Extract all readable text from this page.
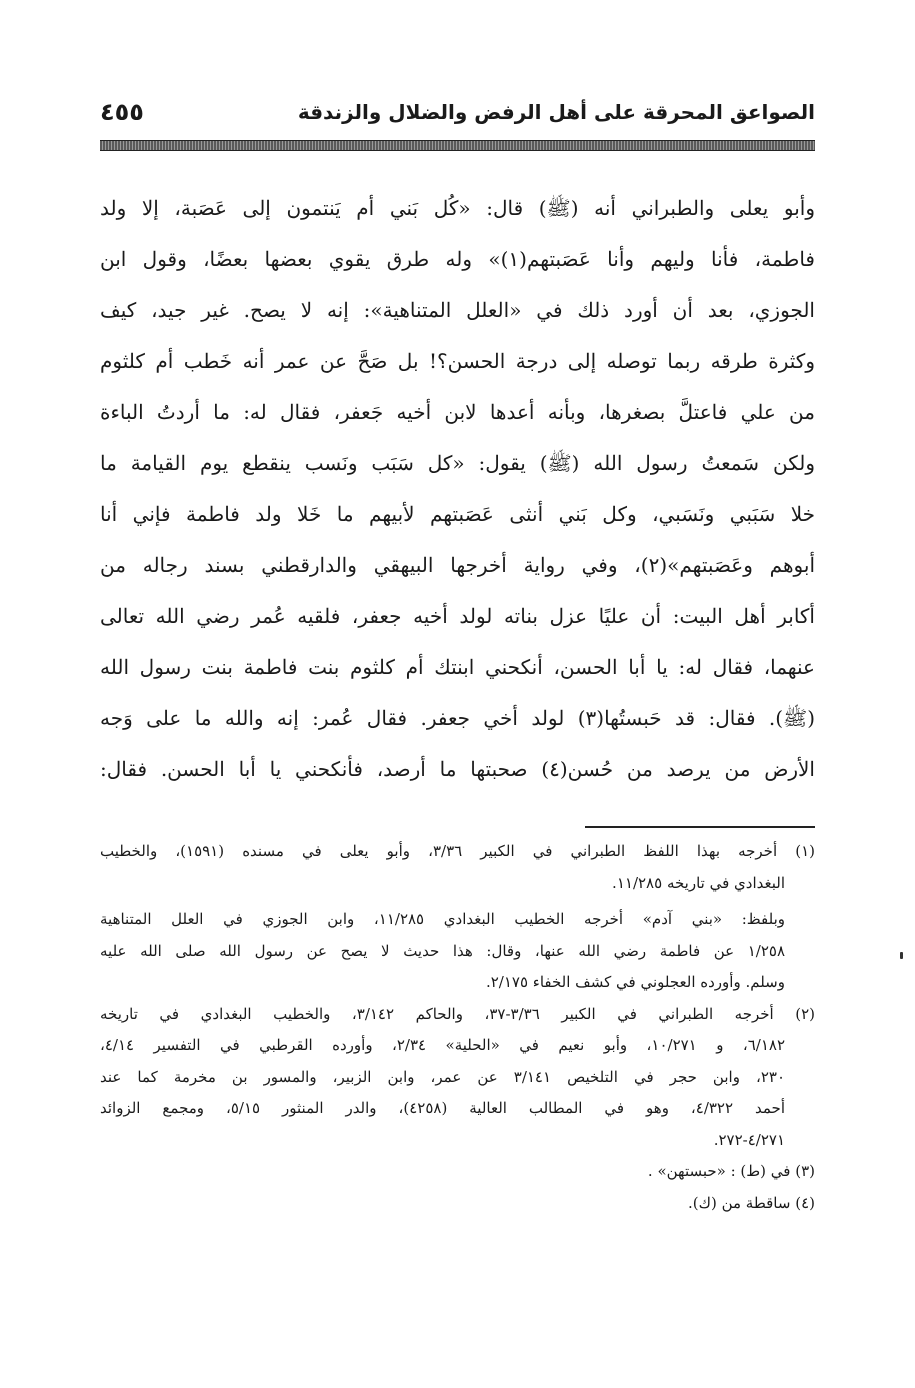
الصواعق المحرقة على أهل الرفض والضلال والزندقة
٤٥٥
وأبو يعلى والطبراني أنه (ﷺ) قال: «كُل بَني أم يَنتمون إلى عَصَبة، إلا ولد
فاطمة، فأنا وليهم وأنا عَصَبتهم(١)» وله طرق يقوي بعضها بعضًا، وقول ابن
الجوزي، بعد أن أورد ذلك في «العلل المتناهية»: إنه لا يصح. غير جيد، كيف
وكثرة طرقه ربما توصله إلى درجة الحسن؟! بل صَحَّ عن عمر أنه خَطب أم كلثوم
من علي فاعتلَّ بصغرها، وبأنه أعدها لابن أخيه جَعفر، فقال له: ما أردتُ الباءة
ولكن سَمعتُ رسول الله (ﷺ) يقول: «كل سَبَب ونَسب ينقطع يوم القيامة ما
خلا سَبَبي ونَسَبي، وكل بَني أنثى عَصَبتهم لأبيهم ما خَلا ولد فاطمة فإني أنا
أبوهم وعَصَبتهم»(٢)، وفي رواية أخرجها البيهقي والدارقطني بسند رجاله من
أكابر أهل البيت: أن عليًا عزل بناته لولد أخيه جعفر، فلقيه عُمر رضي الله تعالى
عنهما، فقال له: يا أبا الحسن، أنكحني ابنتك أم كلثوم بنت فاطمة بنت رسول الله
(ﷺ). فقال: قد حَبستُها(٣) لولد أخي جعفر. فقال عُمر: إنه والله ما على وَجه
الأرض من يرصد من حُسن(٤) صحبتها ما أرصد، فأنكحني يا أبا الحسن. فقال:
(١) أخرجه بهذا اللفظ الطبراني في الكبير ٣/٣٦، وأبو يعلى في مسنده (١٥٩١)، والخطيب
البغدادي في تاريخه ١١/٢٨٥.
وبلفظ: «بني آدم» أخرجه الخطيب البغدادي ١١/٢٨٥، وابن الجوزي في العلل المتناهية
١/٢٥٨ عن فاطمة رضي الله عنها، وقال: هذا حديث لا يصح عن رسول الله صلى الله عليه
وسلم. وأورده العجلوني في كشف الخفاء ٢/١٧٥.
(٢) أخرجه الطبراني في الكبير ٣/٣٦-٣٧، والحاكم ٣/١٤٢، والخطيب البغدادي في تاريخه
٦/١٨٢، و ١٠/٢٧١، وأبو نعيم في «الحلية» ٢/٣٤، وأورده القرطبي في التفسير ٤/١٤،
٢٣٠، وابن حجر في التلخيص ٣/١٤١ عن عمر، وابن الزبير، والمسور بن مخرمة كما عند
أحمد ٤/٣٢٢، وهو في المطالب العالية (٤٢٥٨)، والدر المنثور ٥/١٥، ومجمع الزوائد
٤/٢٧١-٢٧٢.
(٣) في (ط) : «حبستهن» .
(٤) ساقطة من (ك).
